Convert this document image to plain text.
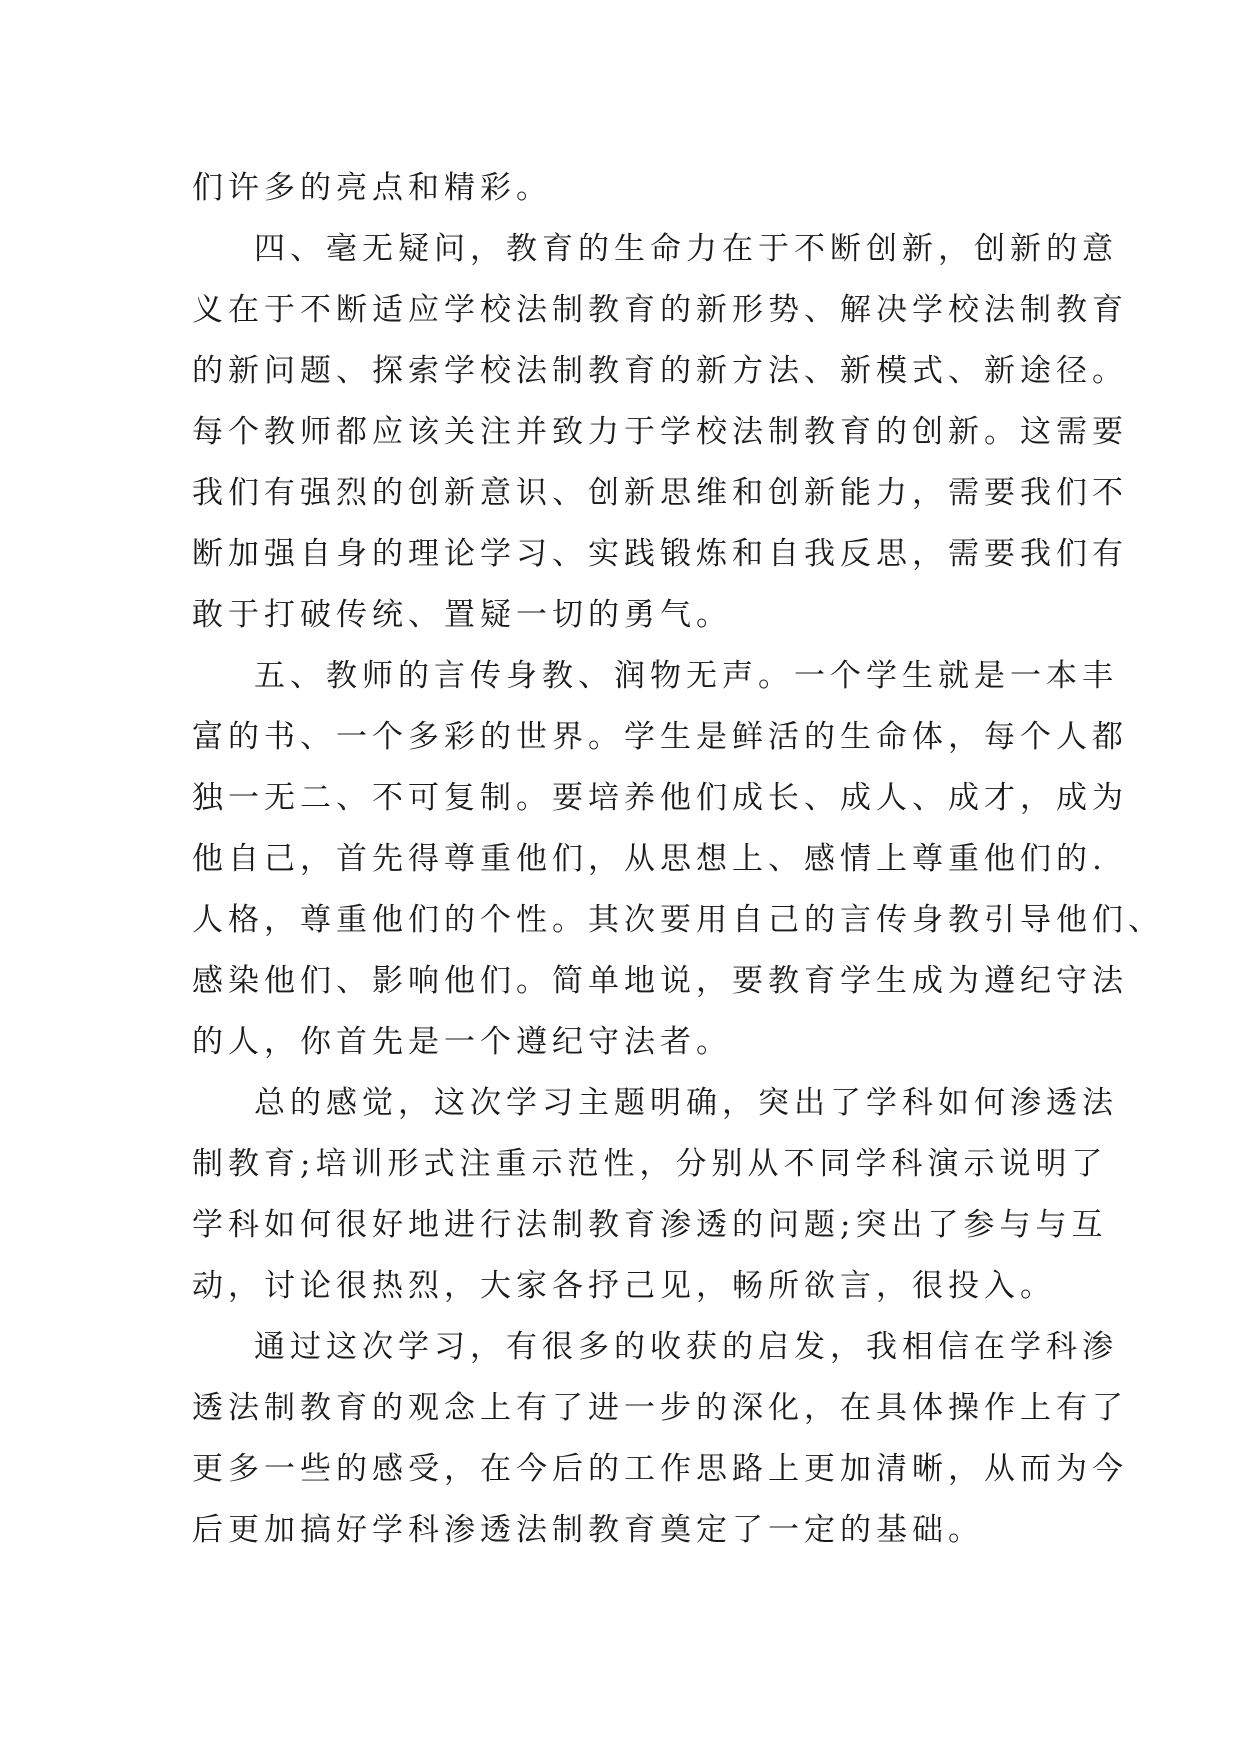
们许多的亮点和精彩。
四、毫无疑问，教育的生命力在于不断创新，创新的意
义在于不断适应学校法制教育的新形势、解决学校法制教育
的新问题、探索学校法制教育的新方法、新模式、新途径。
每个教师都应该关注并致力于学校法制教育的创新。这需要
我们有强烈的创新意识、创新思维和创新能力，需要我们不
断加强自身的理论学习、实践锻炼和自我反思，需要我们有
敢于打破传统、置疑一切的勇气。
五、教师的言传身教、润物无声。一个学生就是一本丰
富的书、一个多彩的世界。学生是鲜活的生命体，每个人都
独一无二、不可复制。要培养他们成长、成人、成才，成为
他自己，首先得尊重他们，从思想上、感情上尊重他们的.
人格，尊重他们的个性。其次要用自己的言传身教引导他们、
感染他们、影响他们。简单地说，要教育学生成为遵纪守法
的人，你首先是一个遵纪守法者。
总的感觉，这次学习主题明确，突出了学科如何渗透法
制教育;培训形式注重示范性，分别从不同学科演示说明了
学科如何很好地进行法制教育渗透的问题;突出了参与与互
动，讨论很热烈，大家各抒己见，畅所欲言，很投入。
通过这次学习，有很多的收获的启发，我相信在学科渗
透法制教育的观念上有了进一步的深化，在具体操作上有了
更多一些的感受，在今后的工作思路上更加清晰，从而为今
后更加搞好学科渗透法制教育奠定了一定的基础。
